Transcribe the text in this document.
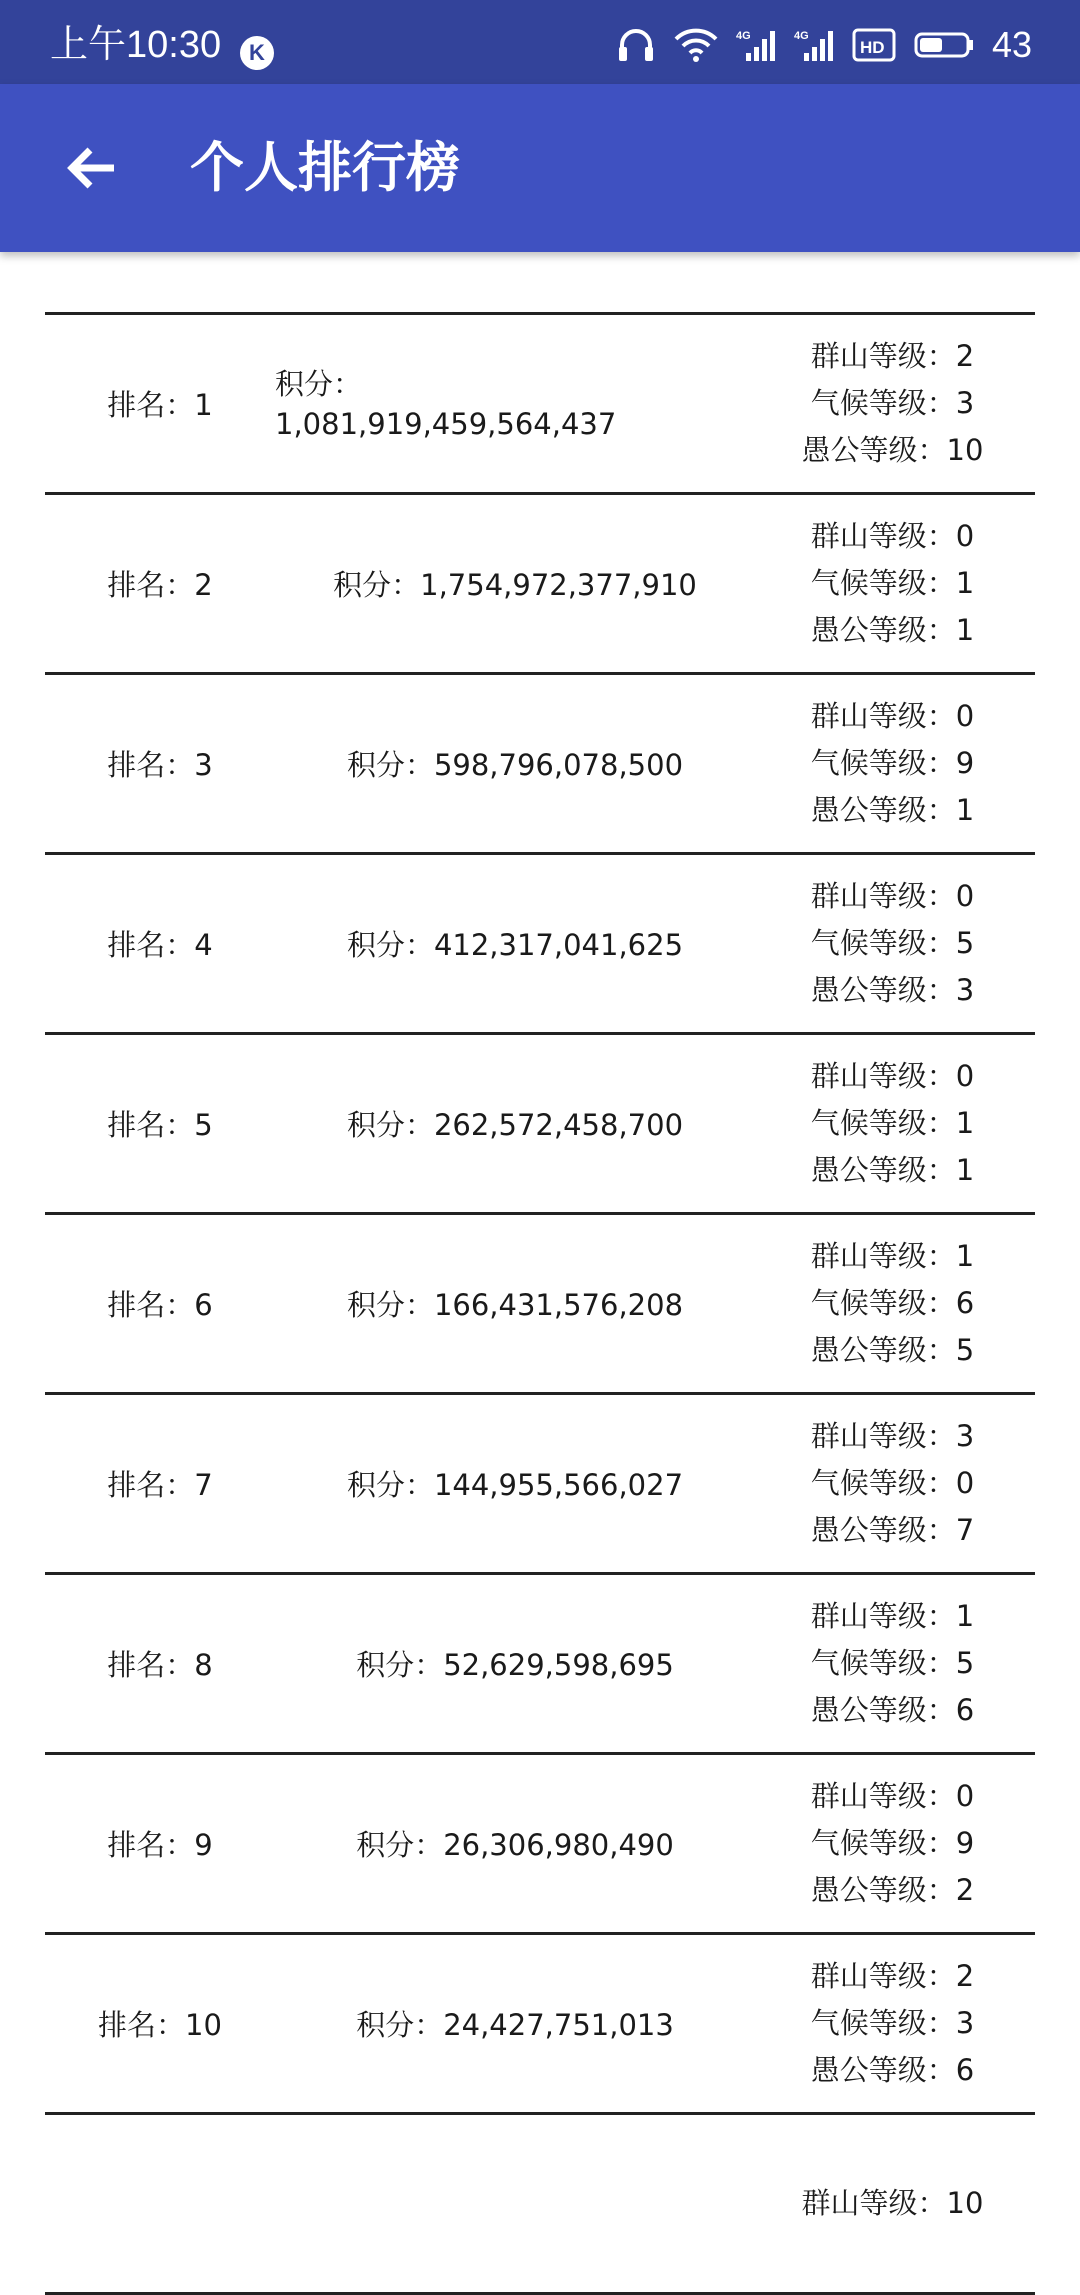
上午10:30	K
4G	4G
HD	43
个人排行榜
排名：1
积分：1,081,919,459,564,437
群山等级：2
气候等级：3
愚公等级：10
排名：2	积分：1,754,972,377,910
群山等级：0
气候等级：1
愚公等级：1
排名：3	积分：598,796,078,500
群山等级：0
气候等级：9
愚公等级：1
排名：4	积分：412,317,041,625
群山等级：0
气候等级：5
愚公等级：3
排名：5	积分：262,572,458,700
群山等级：0
气候等级：1
愚公等级：1
排名：6	积分：166,431,576,208
群山等级：1
气候等级：6
愚公等级：5
排名：7	积分：144,955,566,027
群山等级：3
气候等级：0
愚公等级：7
排名：8	积分：52,629,598,695
群山等级：1
气候等级：5
愚公等级：6
排名：9	积分：26,306,980,490
群山等级：0
气候等级：9
愚公等级：2
排名：10	积分：24,427,751,013
群山等级：2
气候等级：3
愚公等级：6
群山等级：10
